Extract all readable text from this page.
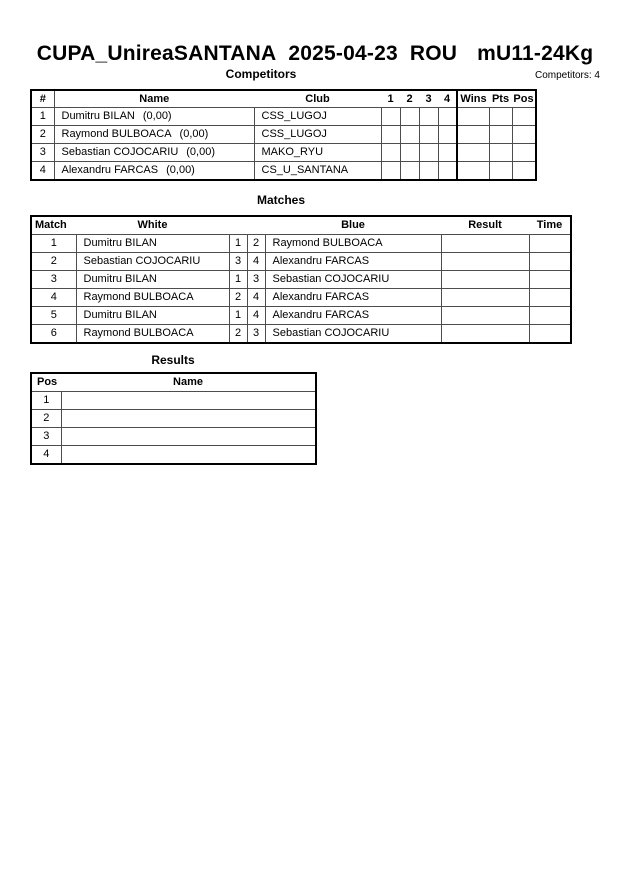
CUPA_UnireaSANTANA 2025-04-23 ROU mU11-24Kg
Competitors	Competitors: 4
#	Name	Club	1	2	3	4	Wins	Pts	Pos
1	Dumitru BILAN (0,00)	CSS_LUGOJ							
2	Raymond BULBOACA (0,00)	CSS_LUGOJ							
3	Sebastian COJOCARIU (0,00)	MAKO_RYU							
4	Alexandru FARCAS (0,00)	CS_U_SANTANA							
Matches
Match	White			Blue	Result	Time
1	Dumitru BILAN	1	2	Raymond BULBOACA		
2	Sebastian COJOCARIU	3	4	Alexandru FARCAS		
3	Dumitru BILAN	1	3	Sebastian COJOCARIU		
4	Raymond BULBOACA	2	4	Alexandru FARCAS		
5	Dumitru BILAN	1	4	Alexandru FARCAS		
6	Raymond BULBOACA	2	3	Sebastian COJOCARIU		
Results
Pos	Name
1	
2	
3	
4	
